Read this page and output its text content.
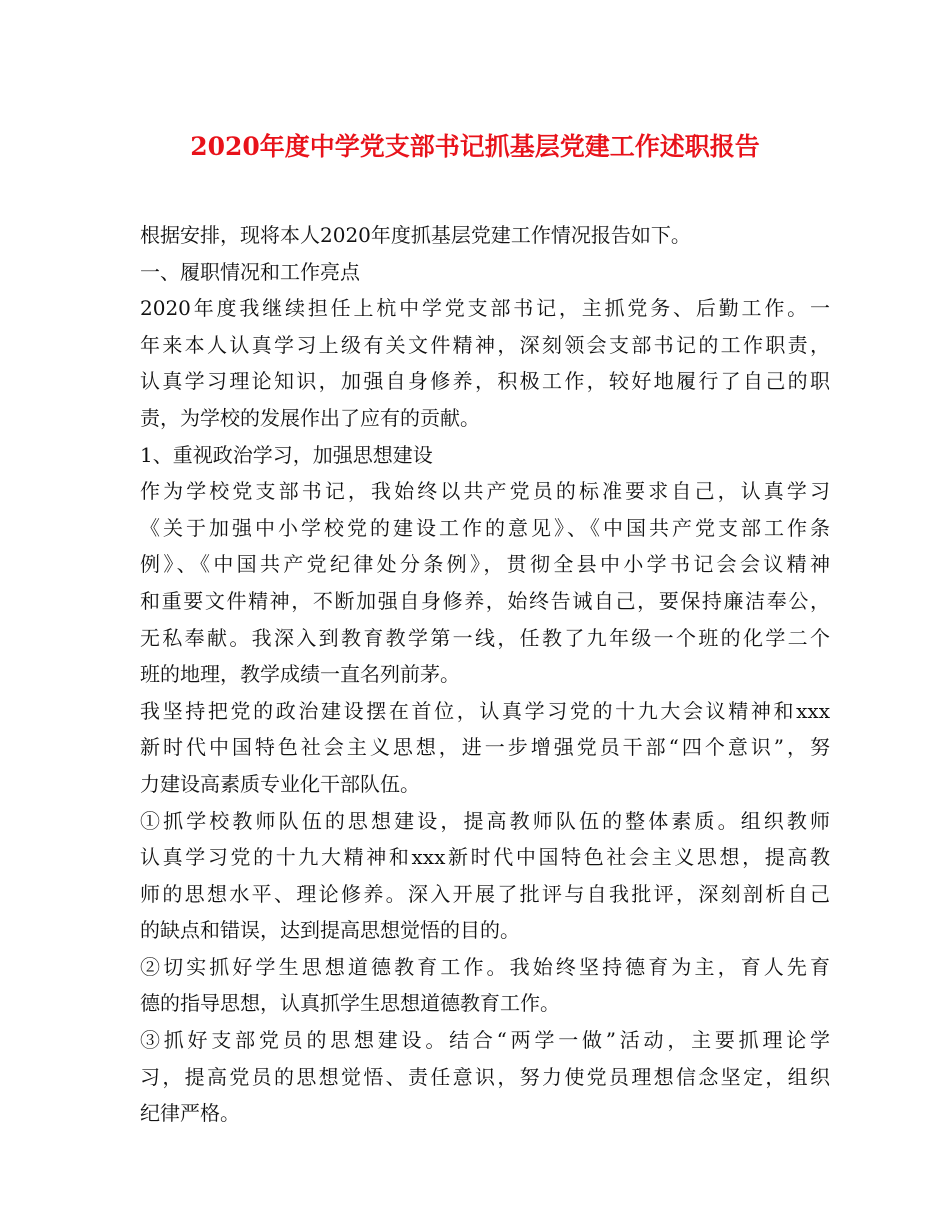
2020年度中学党支部书记抓基层党建工作述职报告
根据安排，现将本人2020年度抓基层党建工作情况报告如下。
一、履职情况和工作亮点
2020年度我继续担任上杭中学党支部书记，主抓党务、后勤工作。一
年来本人认真学习上级有关文件精神，深刻领会支部书记的工作职责，
认真学习理论知识，加强自身修养，积极工作，较好地履行了自己的职
责，为学校的发展作出了应有的贡献。
1、重视政治学习，加强思想建设
作为学校党支部书记，我始终以共产党员的标准要求自己，认真学习
《关于加强中小学校党的建设工作的意见》、《中国共产党支部工作条
例》、《中国共产党纪律处分条例》，贯彻全县中小学书记会会议精神
和重要文件精神，不断加强自身修养，始终告诫自己，要保持廉洁奉公，
无私奉献。我深入到教育教学第一线，任教了九年级一个班的化学二个
班的地理，教学成绩一直名列前茅。
我坚持把党的政治建设摆在首位，认真学习党的十九大会议精神和xxx
新时代中国特色社会主义思想，进一步增强党员干部“四个意识”，努
力建设高素质专业化干部队伍。
①抓学校教师队伍的思想建设，提高教师队伍的整体素质。组织教师
认真学习党的十九大精神和xxx新时代中国特色社会主义思想，提高教
师的思想水平、理论修养。深入开展了批评与自我批评，深刻剖析自己
的缺点和错误，达到提高思想觉悟的目的。
②切实抓好学生思想道德教育工作。我始终坚持德育为主，育人先育
德的指导思想，认真抓学生思想道德教育工作。
③抓好支部党员的思想建设。结合“两学一做”活动，主要抓理论学
习，提高党员的思想觉悟、责任意识，努力使党员理想信念坚定，组织
纪律严格。
